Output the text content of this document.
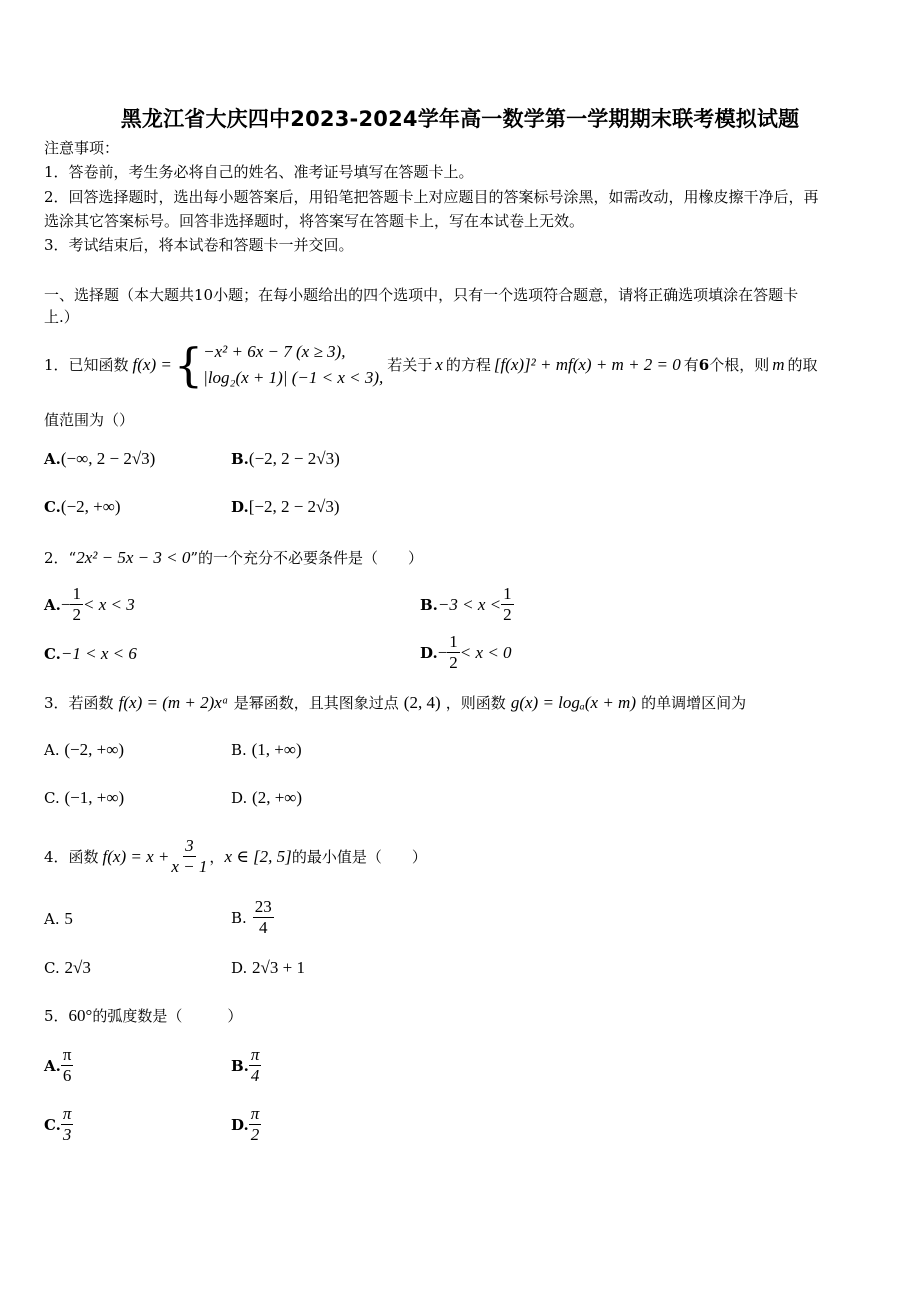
黑龙江省大庆四中2023-2024学年高一数学第一学期期末联考模拟试题
注意事项：
1．答卷前，考生务必将自己的姓名、准考证号填写在答题卡上。
2．回答选择题时，选出每小题答案后，用铅笔把答题卡上对应题目的答案标号涂黑，如需改动，用橡皮擦干净后，再
选涂其它答案标号。回答非选择题时，将答案写在答题卡上，写在本试卷上无效。
3．考试结束后，将本试卷和答题卡一并交回。
一、选择题（本大题共10小题；在每小题给出的四个选项中，只有一个选项符合题意，请将正确选项填涂在答题卡
上.）
1．已知函数 f(x) = { −x² + 6x − 7 (x ≥ 3),
|log₂(x + 1)| (−1 < x < 3),
若关于 x 的方程 [f(x)]² + mf(x) + m + 2 = 0 有 6 个根，则 m 的取
值范围为（）
A.(−∞, 2 − 2√3)	B.(−2, 2 − 2√3)
C.(−2, +∞)	D.[−2, 2 − 2√3)
2．“2x² − 5x − 3 < 0”的一个充分不必要条件是（　　）
A. − $\frac{1}{2} < x < 3$	B. $-3 < x < \frac{1}{2}$
C.−1 < x < 6	D. − $\frac{1}{2} < x < 0$
3．若函数 f(x) = (m + 2)xᵃ 是幂函数，且其图象过点 (2, 4) ，则函数 g(x) = logₐ(x + m) 的单调增区间为
A. (−2, +∞)	B. (1, +∞)
C. (−1, +∞)	D. (2, +∞)
4．函数 $f(x) = x + \frac{3}{x - 1}$ ， x ∈ [2, 5] 的最小值是（　　）
A. 5	B. $\frac{23}{4}$
C. 2√3	D. 2√3 + 1
5．60°的弧度数是（　　　）
A. $\frac{\pi}{6}$	B. $\frac{\pi}{4}$
C. $\frac{\pi}{3}$	D. $\frac{\pi}{2}$
